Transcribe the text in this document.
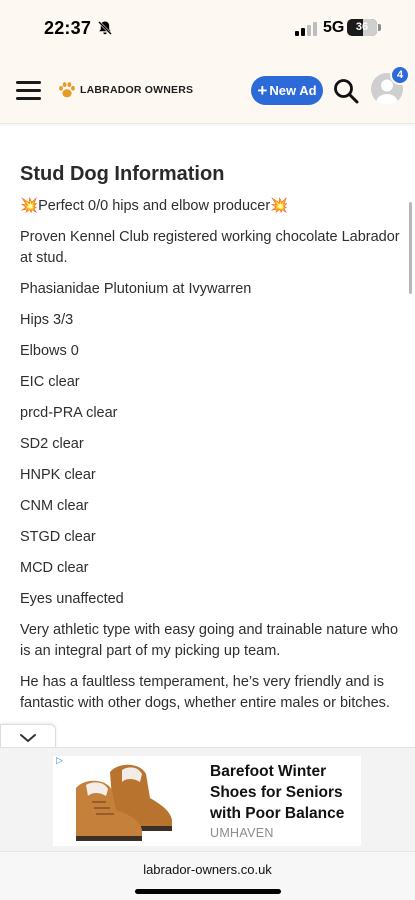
22:37	5G	36
LABRADOR OWNERS	+ New Ad
4
Stud Dog Information

💥Perfect 0/0 hips and elbow producer💥

Proven Kennel Club registered working chocolate Labrador at stud.

Phasianidae Plutonium at Ivywarren

Hips 3/3

Elbows 0

EIC clear

prcd-PRA clear

SD2 clear

HNPK clear

CNM clear

STGD clear

MCD clear

Eyes unaffected

Very athletic type with easy going and trainable nature who is an integral part of my picking up team.

He has a faultless temperament, he’s very friendly and is fantastic with other dogs, whether entire males or bitches.

▷
Barefoot Winter Shoes for Seniors with Poor Balance
UMHAVEN
labrador-owners.co.uk
